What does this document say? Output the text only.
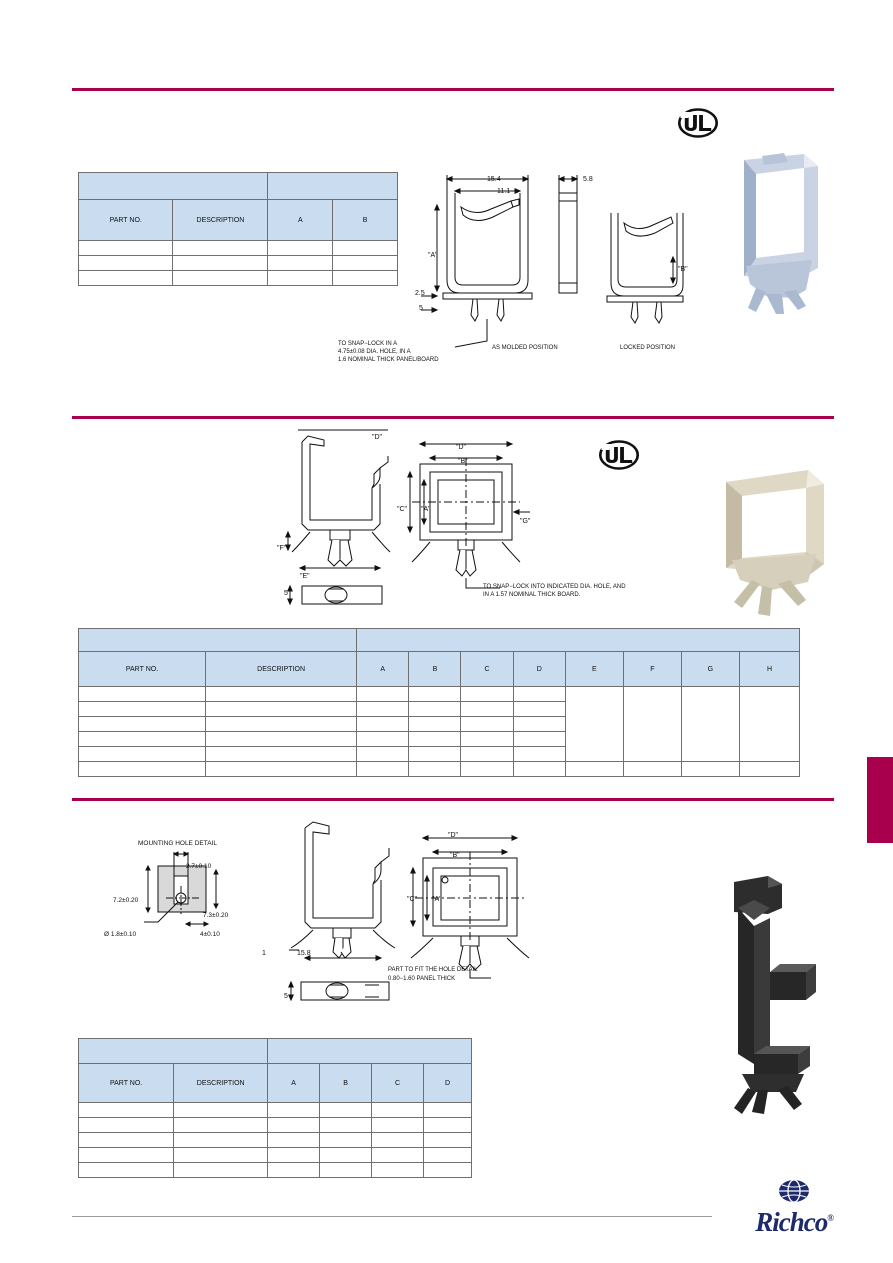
PART NO.	DESCRIPTION	A	B

15.4
11.1
5.8
"A"
"B"
2.5
5
TO SNAP−LOCK IN A
4.75±0.08 DIA. HOLE, IN A
1.6 NOMINAL THICK PANEL/BOARD
AS MOLDED POSITION	LOCKED POSITION
"D"
"D"
"B"
"C" "A"
"G"
"F"
"E"
5
TO SNAP−LOCK INTO INDICATED DIA. HOLE, AND
IN A 1.57 NOMINAL THICK BOARD.

PART NO.	DESCRIPTION	A	B	C	D	E	F	G	H

MOUNTING HOLE DETAIL
2.7±0.10
7.2±0.20
7.3±0.20
Ø 1.8±0.10	4±0.10
"D"
"B"
"C" "A"
1	15.8
5
PART TO FIT THE HOLE DETAIL
0.80−1.60 PANEL THICK

PART NO.	DESCRIPTION	A	B	C	D

Richco®
